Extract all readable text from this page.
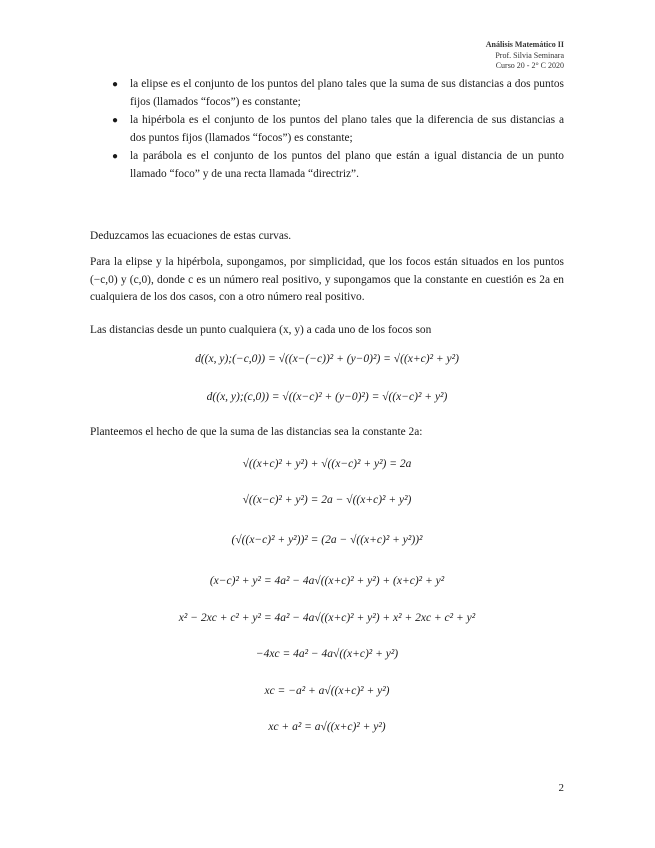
Análisis Matemático II
Prof. Silvia Seminara
Curso 20 - 2° C 2020
● la elipse es el conjunto de los puntos del plano tales que la suma de sus distancias a dos puntos fijos (llamados “focos”) es constante;
● la hipérbola es el conjunto de los puntos del plano tales que la diferencia de sus distancias a dos puntos fijos (llamados “focos”) es constante;
● la parábola es el conjunto de los puntos del plano que están a igual distancia de un punto llamado “foco” y de una recta llamada “directriz”.

Deduzcamos las ecuaciones de estas curvas.

Para la elipse y la hipérbola, supongamos, por simplicidad, que los focos están situados en los puntos (−c,0) y (c,0), donde c es un número real positivo, y supongamos que la constante en cuestión es 2a en cualquiera de los dos casos, con a otro número real positivo.

Las distancias desde un punto cualquiera (x, y) a cada uno de los focos son

d((x, y);(−c,0)) = √((x−(−c))² + (y−0)²) = √((x+c)² + y²)
d((x, y);(c,0)) = √((x−c)² + (y−0)²) = √((x−c)² + y²)

Planteemos el hecho de que la suma de las distancias sea la constante 2a:

√((x+c)² + y²) + √((x−c)² + y²) = 2a
√((x−c)² + y²) = 2a − √((x+c)² + y²)
(√((x−c)² + y²))² = (2a − √((x+c)² + y²))²
(x−c)² + y² = 4a² − 4a√((x+c)² + y²) + (x+c)² + y²
x² − 2xc + c² + y² = 4a² − 4a√((x+c)² + y²) + x² + 2xc + c² + y²
−4xc = 4a² − 4a√((x+c)² + y²)
xc = −a² + a√((x+c)² + y²)
xc + a² = a√((x+c)² + y²)
2
